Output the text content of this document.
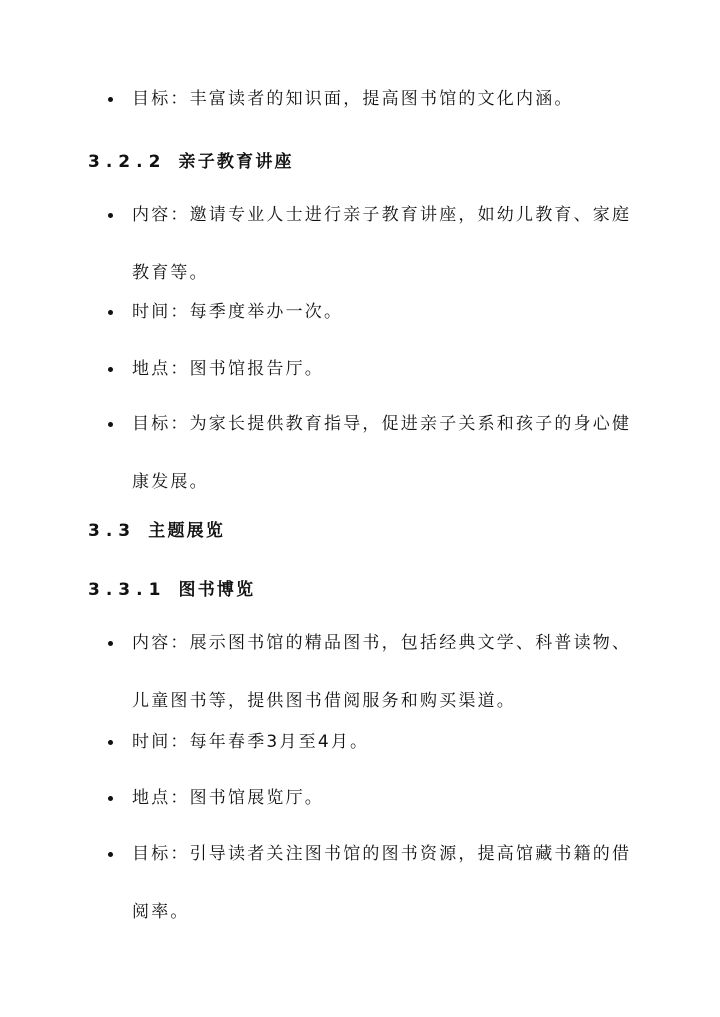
目标：丰富读者的知识面，提高图书馆的文化内涵。
3.2.2 亲子教育讲座
内容：邀请专业人士进行亲子教育讲座，如幼儿教育、家庭教育等。
时间：每季度举办一次。
地点：图书馆报告厅。
目标：为家长提供教育指导，促进亲子关系和孩子的身心健康发展。
3.3 主题展览
3.3.1 图书博览
内容：展示图书馆的精品图书，包括经典文学、科普读物、儿童图书等，提供图书借阅服务和购买渠道。
时间：每年春季3月至4月。
地点：图书馆展览厅。
目标：引导读者关注图书馆的图书资源，提高馆藏书籍的借阅率。
